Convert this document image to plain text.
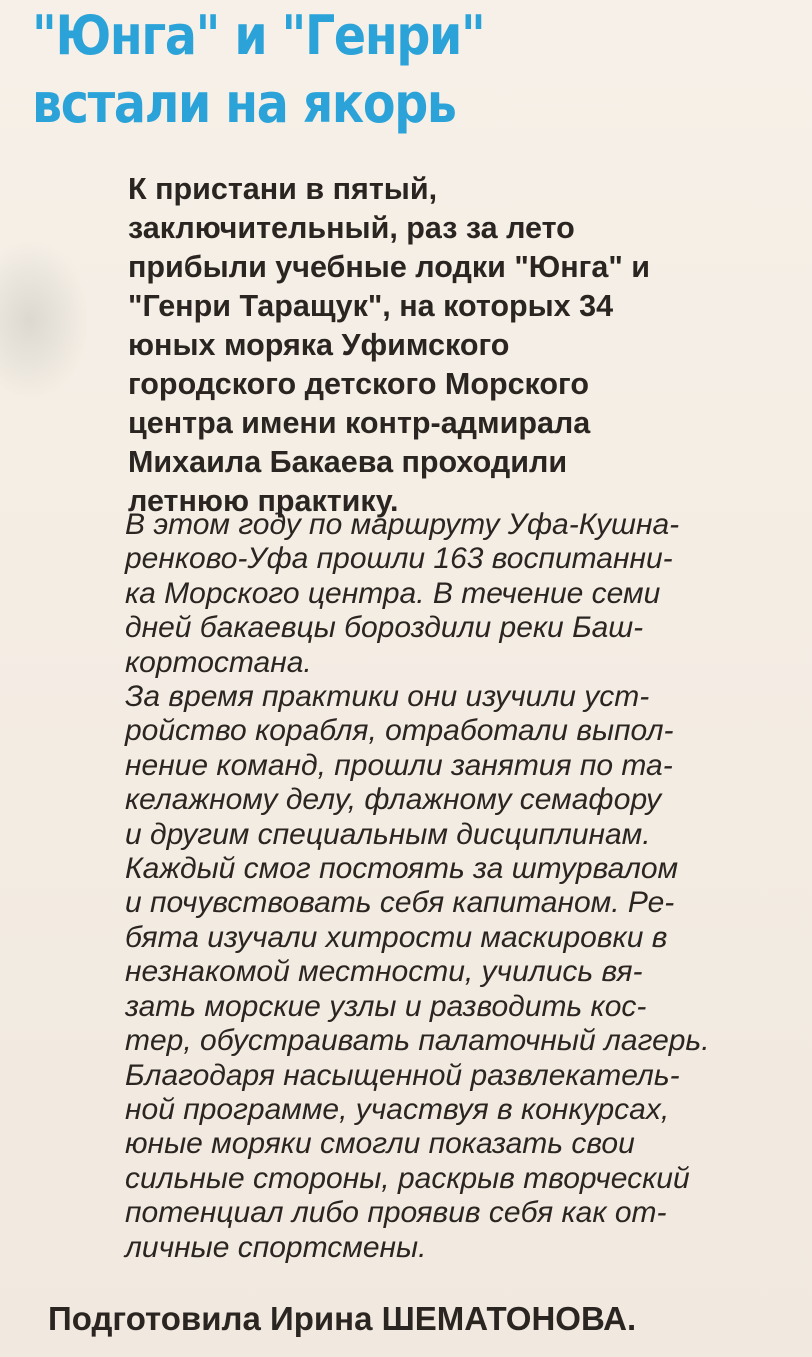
"Юнга" и "Генри"
встали на якорь

К пристани в пятый,
заключительный, раз за лето
прибыли учебные лодки "Юнга" и
"Генри Таращук", на которых 34
юных моряка Уфимского
городского детского Морского
центра имени контр-адмирала
Михаила Бакаева проходили
летнюю практику.

В этом году по маршруту Уфа-Кушна-
ренково-Уфа прошли 163 воспитанни-
ка Морского центра. В течение семи
дней бакаевцы бороздили реки Баш-
кортостана.
За время практики они изучили уст-
ройство корабля, отработали выпол-
нение команд, прошли занятия по та-
келажному делу, флажному семафору
и другим специальным дисциплинам.
Каждый смог постоять за штурвалом
и почувствовать себя капитаном. Ре-
бята изучали хитрости маскировки в
незнакомой местности, учились вя-
зать морские узлы и разводить кос-
тер, обустраивать палаточный лагерь.
Благодаря насыщенной развлекатель-
ной программе, участвуя в конкурсах,
юные моряки смогли показать свои
сильные стороны, раскрыв творческий
потенциал либо проявив себя как от-
личные спортсмены.

Подготовила Ирина ШЕМАТОНОВА.
